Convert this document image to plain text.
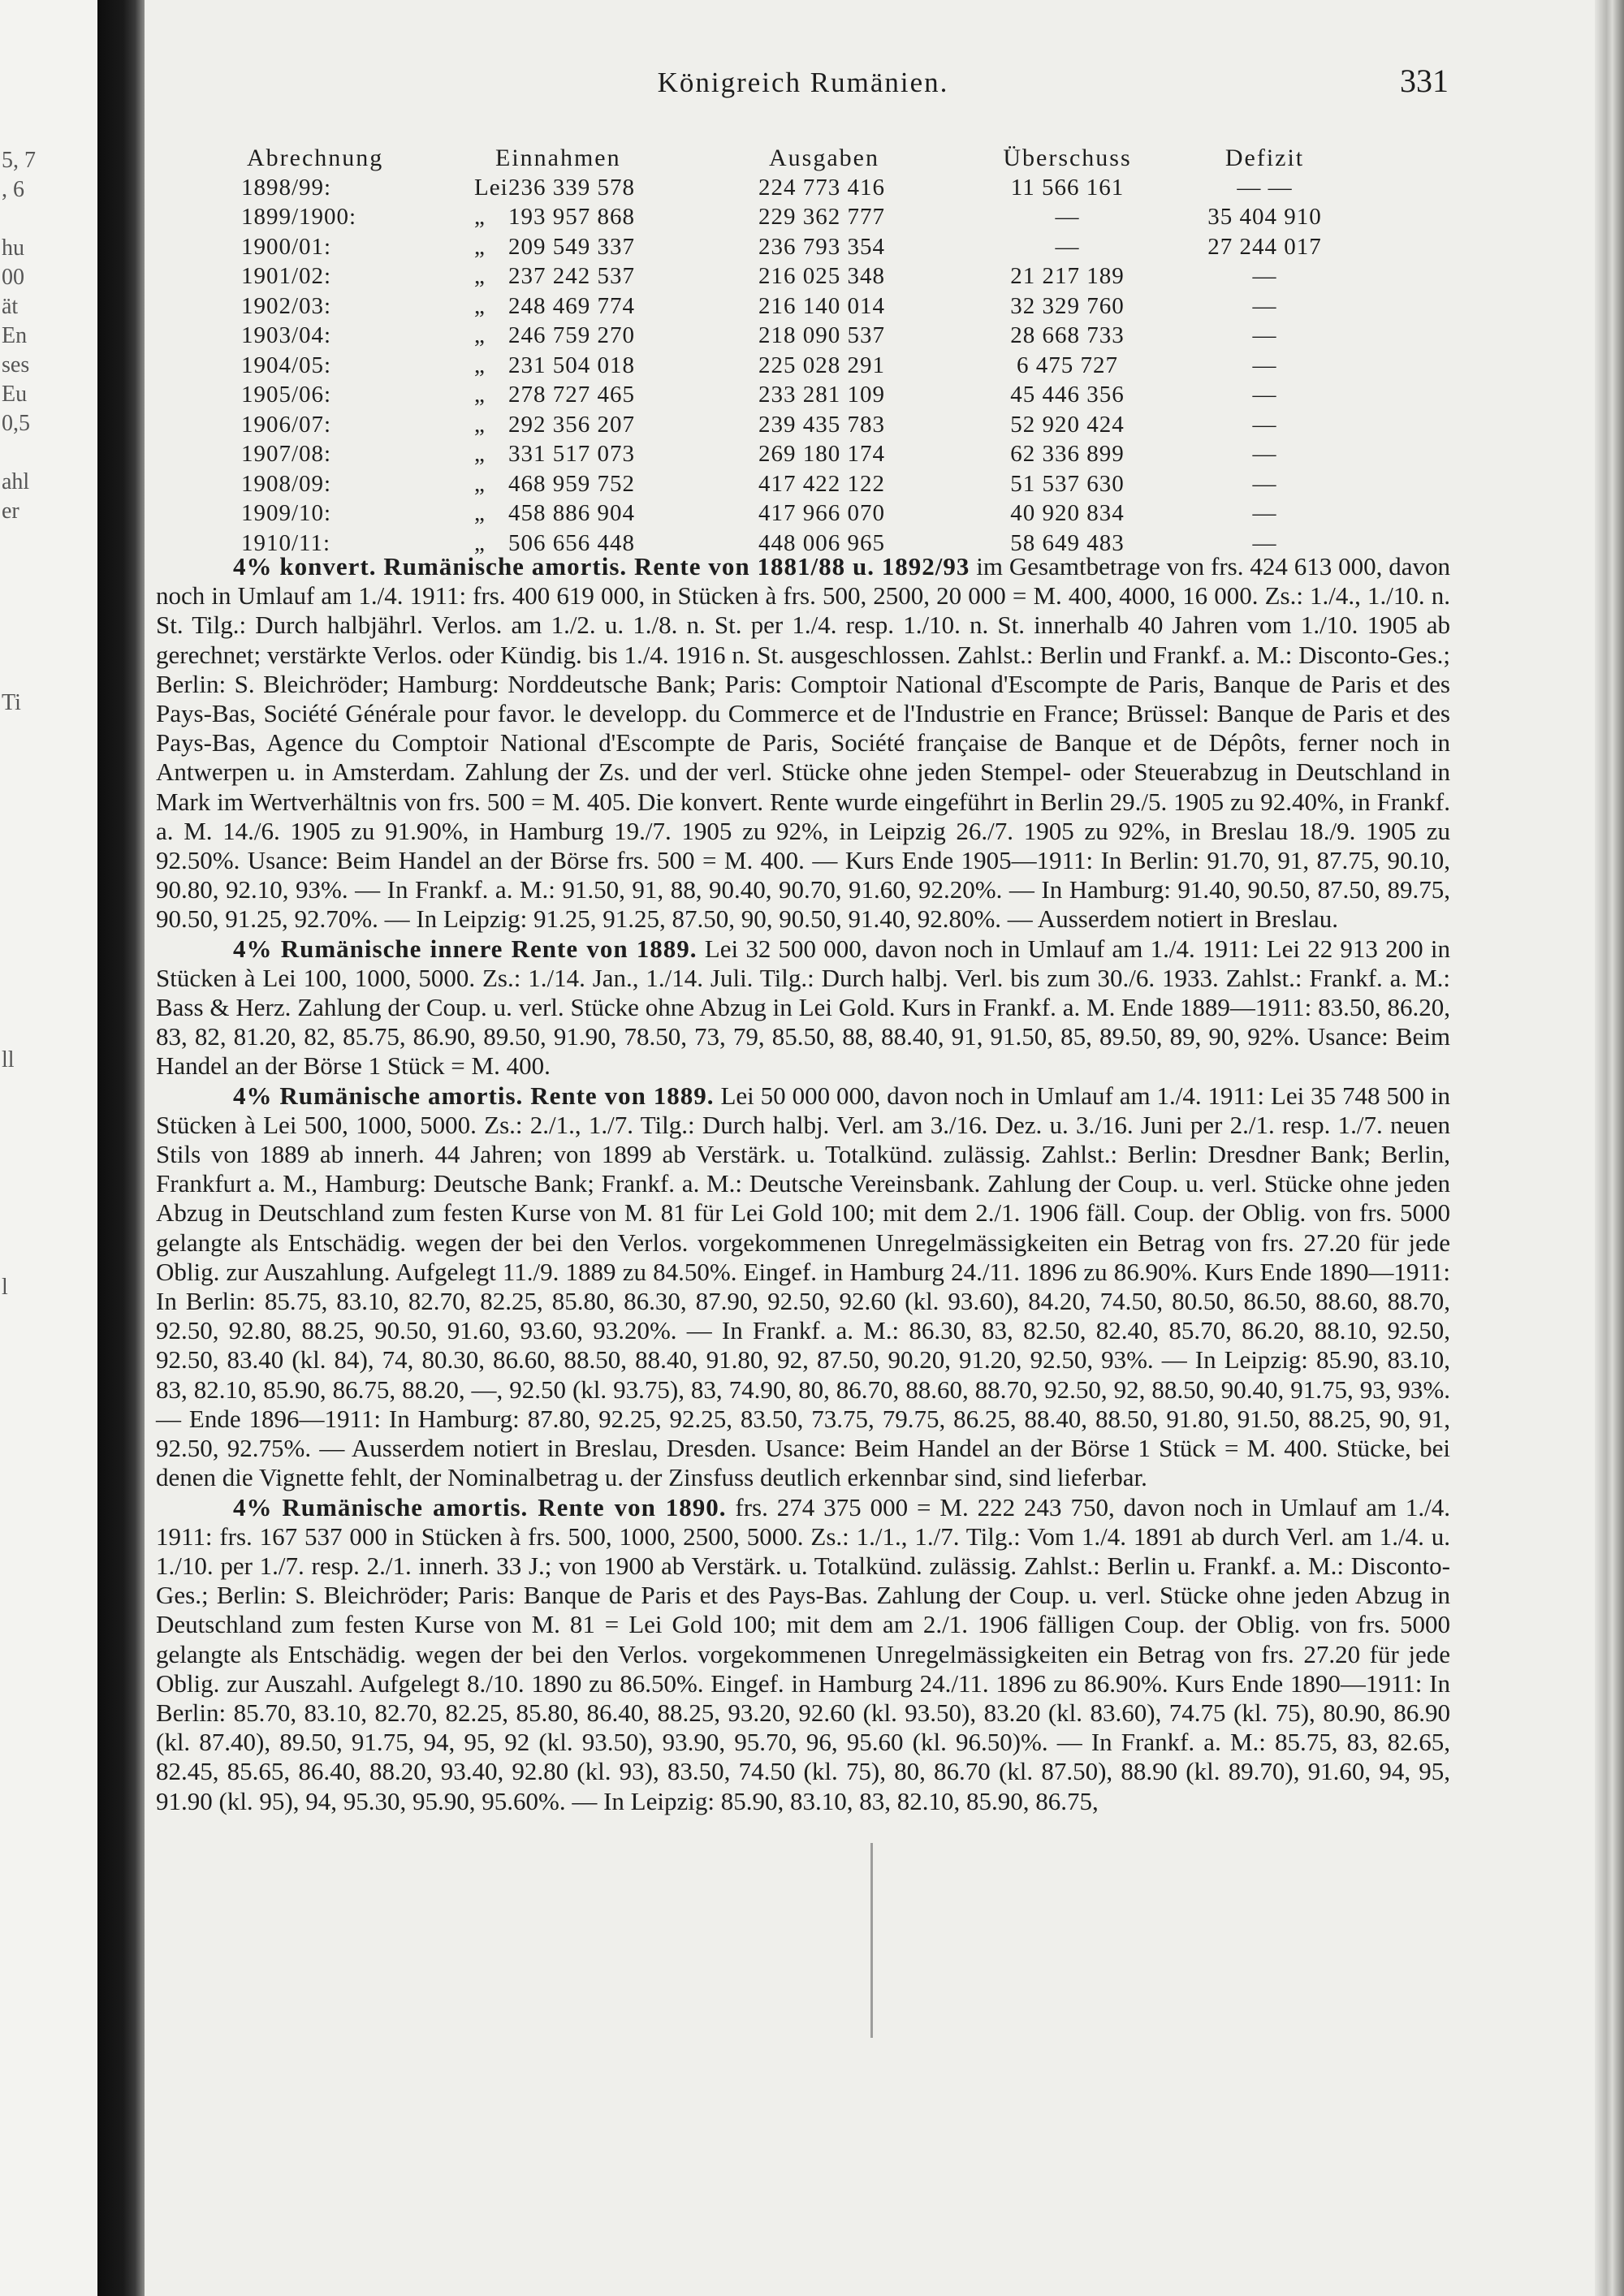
5, 7
, 6
hu
00
ät
En
ses
Eu
0,5
ahl
er
Ti
ll
l
Königreich Rumänien.	331
Abrechnung	Einnahmen	Ausgaben	Überschuss	Defizit
1898/99:	Lei236 339 578	224 773 416	11 566 161	— —
1899/1900:	„ 193 957 868	229 362 777	—	35 404 910
1900/01:	„ 209 549 337	236 793 354	—	27 244 017
1901/02:	„ 237 242 537	216 025 348	21 217 189	—
1902/03:	„ 248 469 774	216 140 014	32 329 760	—
1903/04:	„ 246 759 270	218 090 537	28 668 733	—
1904/05:	„ 231 504 018	225 028 291	6 475 727	—
1905/06:	„ 278 727 465	233 281 109	45 446 356	—
1906/07:	„ 292 356 207	239 435 783	52 920 424	—
1907/08:	„ 331 517 073	269 180 174	62 336 899	—
1908/09:	„ 468 959 752	417 422 122	51 537 630	—
1909/10:	„ 458 886 904	417 966 070	40 920 834	—
1910/11:	„ 506 656 448	448 006 965	58 649 483	—

4% konvert. Rumänische amortis. Rente von 1881/88 u. 1892/93 im Gesamtbetrage von frs. 424 613 000, davon noch in Umlauf am 1./4. 1911: frs. 400 619 000, in Stücken à frs. 500, 2500, 20 000 = M. 400, 4000, 16 000. Zs.: 1./4., 1./10. n. St. Tilg.: Durch halbjährl. Verlos. am 1./2. u. 1./8. n. St. per 1./4. resp. 1./10. n. St. innerhalb 40 Jahren vom 1./10. 1905 ab gerechnet; verstärkte Verlos. oder Kündig. bis 1./4. 1916 n. St. ausgeschlossen. Zahlst.: Berlin und Frankf. a. M.: Disconto-Ges.; Berlin: S. Bleichröder; Hamburg: Norddeutsche Bank; Paris: Comptoir National d'Escompte de Paris, Banque de Paris et des Pays-Bas, Société Générale pour favor. le developp. du Commerce et de l'Industrie en France; Brüssel: Banque de Paris et des Pays-Bas, Agence du Comptoir National d'Escompte de Paris, Société française de Banque et de Dépôts, ferner noch in Antwerpen u. in Amsterdam. Zahlung der Zs. und der verl. Stücke ohne jeden Stempel- oder Steuerabzug in Deutschland in Mark im Wertverhältnis von frs. 500 = M. 405. Die konvert. Rente wurde eingeführt in Berlin 29./5. 1905 zu 92.40%, in Frankf. a. M. 14./6. 1905 zu 91.90%, in Hamburg 19./7. 1905 zu 92%, in Leipzig 26./7. 1905 zu 92%, in Breslau 18./9. 1905 zu 92.50%. Usance: Beim Handel an der Börse frs. 500 = M. 400. — Kurs Ende 1905—1911: In Berlin: 91.70, 91, 87.75, 90.10, 90.80, 92.10, 93%. — In Frankf. a. M.: 91.50, 91, 88, 90.40, 90.70, 91.60, 92.20%. — In Hamburg: 91.40, 90.50, 87.50, 89.75, 90.50, 91.25, 92.70%. — In Leipzig: 91.25, 91.25, 87.50, 90, 90.50, 91.40, 92.80%. — Ausserdem notiert in Breslau.

4% Rumänische innere Rente von 1889. Lei 32 500 000, davon noch in Umlauf am 1./4. 1911: Lei 22 913 200 in Stücken à Lei 100, 1000, 5000. Zs.: 1./14. Jan., 1./14. Juli. Tilg.: Durch halbj. Verl. bis zum 30./6. 1933. Zahlst.: Frankf. a. M.: Bass & Herz. Zahlung der Coup. u. verl. Stücke ohne Abzug in Lei Gold. Kurs in Frankf. a. M. Ende 1889—1911: 83.50, 86.20, 83, 82, 81.20, 82, 85.75, 86.90, 89.50, 91.90, 78.50, 73, 79, 85.50, 88, 88.40, 91, 91.50, 85, 89.50, 89, 90, 92%. Usance: Beim Handel an der Börse 1 Stück = M. 400.

4% Rumänische amortis. Rente von 1889. Lei 50 000 000, davon noch in Umlauf am 1./4. 1911: Lei 35 748 500 in Stücken à Lei 500, 1000, 5000. Zs.: 2./1., 1./7. Tilg.: Durch halbj. Verl. am 3./16. Dez. u. 3./16. Juni per 2./1. resp. 1./7. neuen Stils von 1889 ab innerh. 44 Jahren; von 1899 ab Verstärk. u. Totalkünd. zulässig. Zahlst.: Berlin: Dresdner Bank; Berlin, Frankfurt a. M., Hamburg: Deutsche Bank; Frankf. a. M.: Deutsche Vereinsbank. Zahlung der Coup. u. verl. Stücke ohne jeden Abzug in Deutschland zum festen Kurse von M. 81 für Lei Gold 100; mit dem 2./1. 1906 fäll. Coup. der Oblig. von frs. 5000 gelangte als Entschädig. wegen der bei den Verlos. vorgekommenen Unregelmässigkeiten ein Betrag von frs. 27.20 für jede Oblig. zur Auszahlung. Aufgelegt 11./9. 1889 zu 84.50%. Eingef. in Hamburg 24./11. 1896 zu 86.90%. Kurs Ende 1890—1911: In Berlin: 85.75, 83.10, 82.70, 82.25, 85.80, 86.30, 87.90, 92.50, 92.60 (kl. 93.60), 84.20, 74.50, 80.50, 86.50, 88.60, 88.70, 92.50, 92.80, 88.25, 90.50, 91.60, 93.60, 93.20%. — In Frankf. a. M.: 86.30, 83, 82.50, 82.40, 85.70, 86.20, 88.10, 92.50, 92.50, 83.40 (kl. 84), 74, 80.30, 86.60, 88.50, 88.40, 91.80, 92, 87.50, 90.20, 91.20, 92.50, 93%. — In Leipzig: 85.90, 83.10, 83, 82.10, 85.90, 86.75, 88.20, —, 92.50 (kl. 93.75), 83, 74.90, 80, 86.70, 88.60, 88.70, 92.50, 92, 88.50, 90.40, 91.75, 93, 93%. — Ende 1896—1911: In Hamburg: 87.80, 92.25, 92.25, 83.50, 73.75, 79.75, 86.25, 88.40, 88.50, 91.80, 91.50, 88.25, 90, 91, 92.50, 92.75%. — Ausserdem notiert in Breslau, Dresden. Usance: Beim Handel an der Börse 1 Stück = M. 400. Stücke, bei denen die Vignette fehlt, der Nominalbetrag u. der Zinsfuss deutlich erkennbar sind, sind lieferbar.

4% Rumänische amortis. Rente von 1890. frs. 274 375 000 = M. 222 243 750, davon noch in Umlauf am 1./4. 1911: frs. 167 537 000 in Stücken à frs. 500, 1000, 2500, 5000. Zs.: 1./1., 1./7. Tilg.: Vom 1./4. 1891 ab durch Verl. am 1./4. u. 1./10. per 1./7. resp. 2./1. innerh. 33 J.; von 1900 ab Verstärk. u. Totalkünd. zulässig. Zahlst.: Berlin u. Frankf. a. M.: Disconto-Ges.; Berlin: S. Bleichröder; Paris: Banque de Paris et des Pays-Bas. Zahlung der Coup. u. verl. Stücke ohne jeden Abzug in Deutschland zum festen Kurse von M. 81 = Lei Gold 100; mit dem am 2./1. 1906 fälligen Coup. der Oblig. von frs. 5000 gelangte als Entschädig. wegen der bei den Verlos. vorgekommenen Unregelmässigkeiten ein Betrag von frs. 27.20 für jede Oblig. zur Auszahl. Aufgelegt 8./10. 1890 zu 86.50%. Eingef. in Hamburg 24./11. 1896 zu 86.90%. Kurs Ende 1890—1911: In Berlin: 85.70, 83.10, 82.70, 82.25, 85.80, 86.40, 88.25, 93.20, 92.60 (kl. 93.50), 83.20 (kl. 83.60), 74.75 (kl. 75), 80.90, 86.90 (kl. 87.40), 89.50, 91.75, 94, 95, 92 (kl. 93.50), 93.90, 95.70, 96, 95.60 (kl. 96.50)%. — In Frankf. a. M.: 85.75, 83, 82.65, 82.45, 85.65, 86.40, 88.20, 93.40, 92.80 (kl. 93), 83.50, 74.50 (kl. 75), 80, 86.70 (kl. 87.50), 88.90 (kl. 89.70), 91.60, 94, 95, 91.90 (kl. 95), 94, 95.30, 95.90, 95.60%. — In Leipzig: 85.90, 83.10, 83, 82.10, 85.90, 86.75,
